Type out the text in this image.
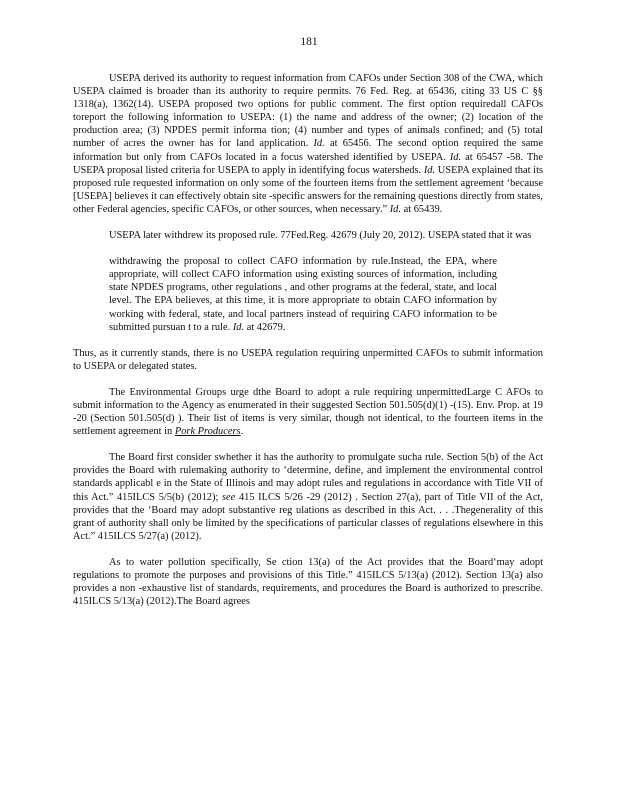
181

USEPA derived its authority to request information from CAFOs under Section 308 of the CWA, which USEPA claimed is broader than its authority to require permits. 76 Fed. Reg. at 65436, citing 33 US C §§ 1318(a), 1362(14). USEPA proposed two options for public comment. The first option requiredall CAFOs toreport the following information to USEPA: (1) the name and address of the owner; (2) location of the production area; (3) NPDES permit informa tion; (4) number and types of animals confined; and (5) total number of acres the owner has for land application. Id. at 65456. The second option required the same information but only from CAFOs located in a focus watershed identified by USEPA. Id. at 65457 -58. The USEPA proposal listed criteria for USEPA to apply in identifying focus watersheds. Id. USEPA explained that its proposed rule requested information on only some of the fourteen items from the settlement agreement ‘because [USEPA] believes it can effectively obtain site -specific answers for the remaining questions directly from states, other Federal agencies, specific CAFOs, or other sources, when necessary.” Id. at 65439.

USEPA later withdrew its proposed rule. 77Fed.Reg. 42679 (July 20, 2012). USEPA stated that it was

withdrawing the proposal to collect CAFO information by rule.Instead, the EPA, where appropriate, will collect CAFO information using existing sources of information, including state NPDES programs, other regulations , and other programs at the federal, state, and local level. The EPA believes, at this time, it is more appropriate to obtain CAFO information by working with federal, state, and local partners instead of requiring CAFO information to be submitted pursuan t to a rule. Id. at 42679.

Thus, as it currently stands, there is no USEPA regulation requiring unpermitted CAFOs to submit information to USEPA or delegated states.

The Environmental Groups urge dthe Board to adopt a rule requiring unpermittedLarge C AFOs to submit information to the Agency as enumerated in their suggested Section 501.505(d)(1) -(15). Env. Prop. at 19 -20 (Section 501.505(d) ). Their list of items is very similar, though not identical, to the fourteen items in the settlement agreement in Pork Producers.

The Board first consider swhether it has the authority to promulgate sucha rule. Section 5(b) of the Act provides the Board with rulemaking authority to ‘determine, define, and implement the environmental control standards applicabl e in the State of Illinois and may adopt rules and regulations in accordance with Title VII of this Act.” 415ILCS 5/5(b) (2012); see 415 ILCS 5/26 -29 (2012) . Section 27(a), part of Title VII of the Act, provides that the ‘Board may adopt substantive reg ulations as described in this Act. . . .Thegenerality of this grant of authority shall only be limited by the specifications of particular classes of regulations elsewhere in this Act.” 415ILCS 5/27(a) (2012).

As to water pollution specifically, Se ction 13(a) of the Act provides that the Board‘may adopt regulations to promote the purposes and provisions of this Title.” 415ILCS 5/13(a) (2012). Section 13(a) also provides a non -exhaustive list of standards, requirements, and procedures the Board is authorized to prescribe. 415ILCS 5/13(a) (2012).The Board agrees
